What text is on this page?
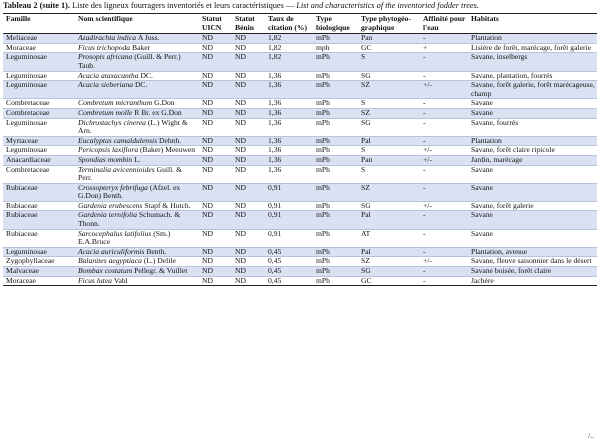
Tableau 2 (suite 1). Liste des ligneux fourragers inventoriés et leurs caractéristiques — List and characteristics of the inventoried fodder trees.
Famille	Nom scientifique	Statut UICN	Statut Bénin	Taux de citation (%)	Type biologique	Type phytogéo-graphique	Affinité pour l'eau	Habitats
Meliaceae	Azadirachta indica A Juss.	ND	ND	1,82	mPh	Pan	-	Plantation
Moraceae	Ficus trichopoda Baker	ND	ND	1,82	mph	GC	+	Lisière de forêt, marécage, forêt galerie
Leguminosae	Prosopis africana (Guill. & Perr.) Taub.	ND	ND	1,82	mPh	S	-	Savane, inselbergs
Leguminosae	Acacia ataxacantha DC.	ND	ND	1,36	mPh	SG	-	Savane, plantation, fourrés
Leguminosae	Acacia sieberiana DC.	ND	ND	1,36	mPh	SZ	+/-	Savane, forêt galerie, forêt marécageuse, champ
Combretaceae	Combretum micranthum G.Don	ND	ND	1,36	mPh	S	-	Savane
Combretaceae	Combretum molle R Br. ex G.Don	ND	ND	1,36	mPh	SZ	-	Savane
Leguminosae	Dichrostachys cinerea (L.) Wight & Arn.	ND	ND	1,36	mPh	SG	-	Savane, fourrés
Myrtaceae	Eucalyptus camaldulensis Dehnh.	ND	ND	1,36	mPh	Pal	-	Plantation
Leguminosae	Pericopsis laxiflora (Baker) Meeuwen	ND	ND	1,36	mPh	S	+/-	Savane, forêt claire ripicole
Anacardiaceae	Spondias mombin L.	ND	ND	1,36	mPh	Pan	+/-	Jardin, marécage
Combretaceae	Terminalia avicennioides Guill. & Perr.	ND	ND	1,36	mPh	S	-	Savane
Rubiaceae	Crossopteryx febrifuga (Afzel. ex G.Don) Benth.	ND	ND	0,91	mPh	SZ	-	Savane
Rubiaceae	Gardenia erubescens Stapf & Hutch.	ND	ND	0,91	mPh	SG	+/-	Savane, forêt galerie
Rubiaceae	Gardenia ternifolia Schumach. & Thonn.	ND	ND	0,91	mPh	Pal	-	Savane
Rubiaceae	Sarcocephalus latifolius (Sm.) E.A.Bruce	ND	ND	0,91	mPh	AT	-	Savane
Leguminosae	Acacia auriculiformis Benth.	ND	ND	0,45	mPh	Pal	-	Plantation, avenue
Zygophyllaceae	Balanites aegyptiaca (L.) Delile	ND	ND	0,45	mPh	SZ	+/-	Savane, fleuve saisonnier dans le désert
Malvaceae	Bombax costatum Pellegr. & Vuillet	ND	ND	0,45	mPh	SG	-	Savane boisée, forêt claire
Moraceae	Ficus lutea Vahl	ND	ND	0,45	mPh	GC	-	Jachère
/..
